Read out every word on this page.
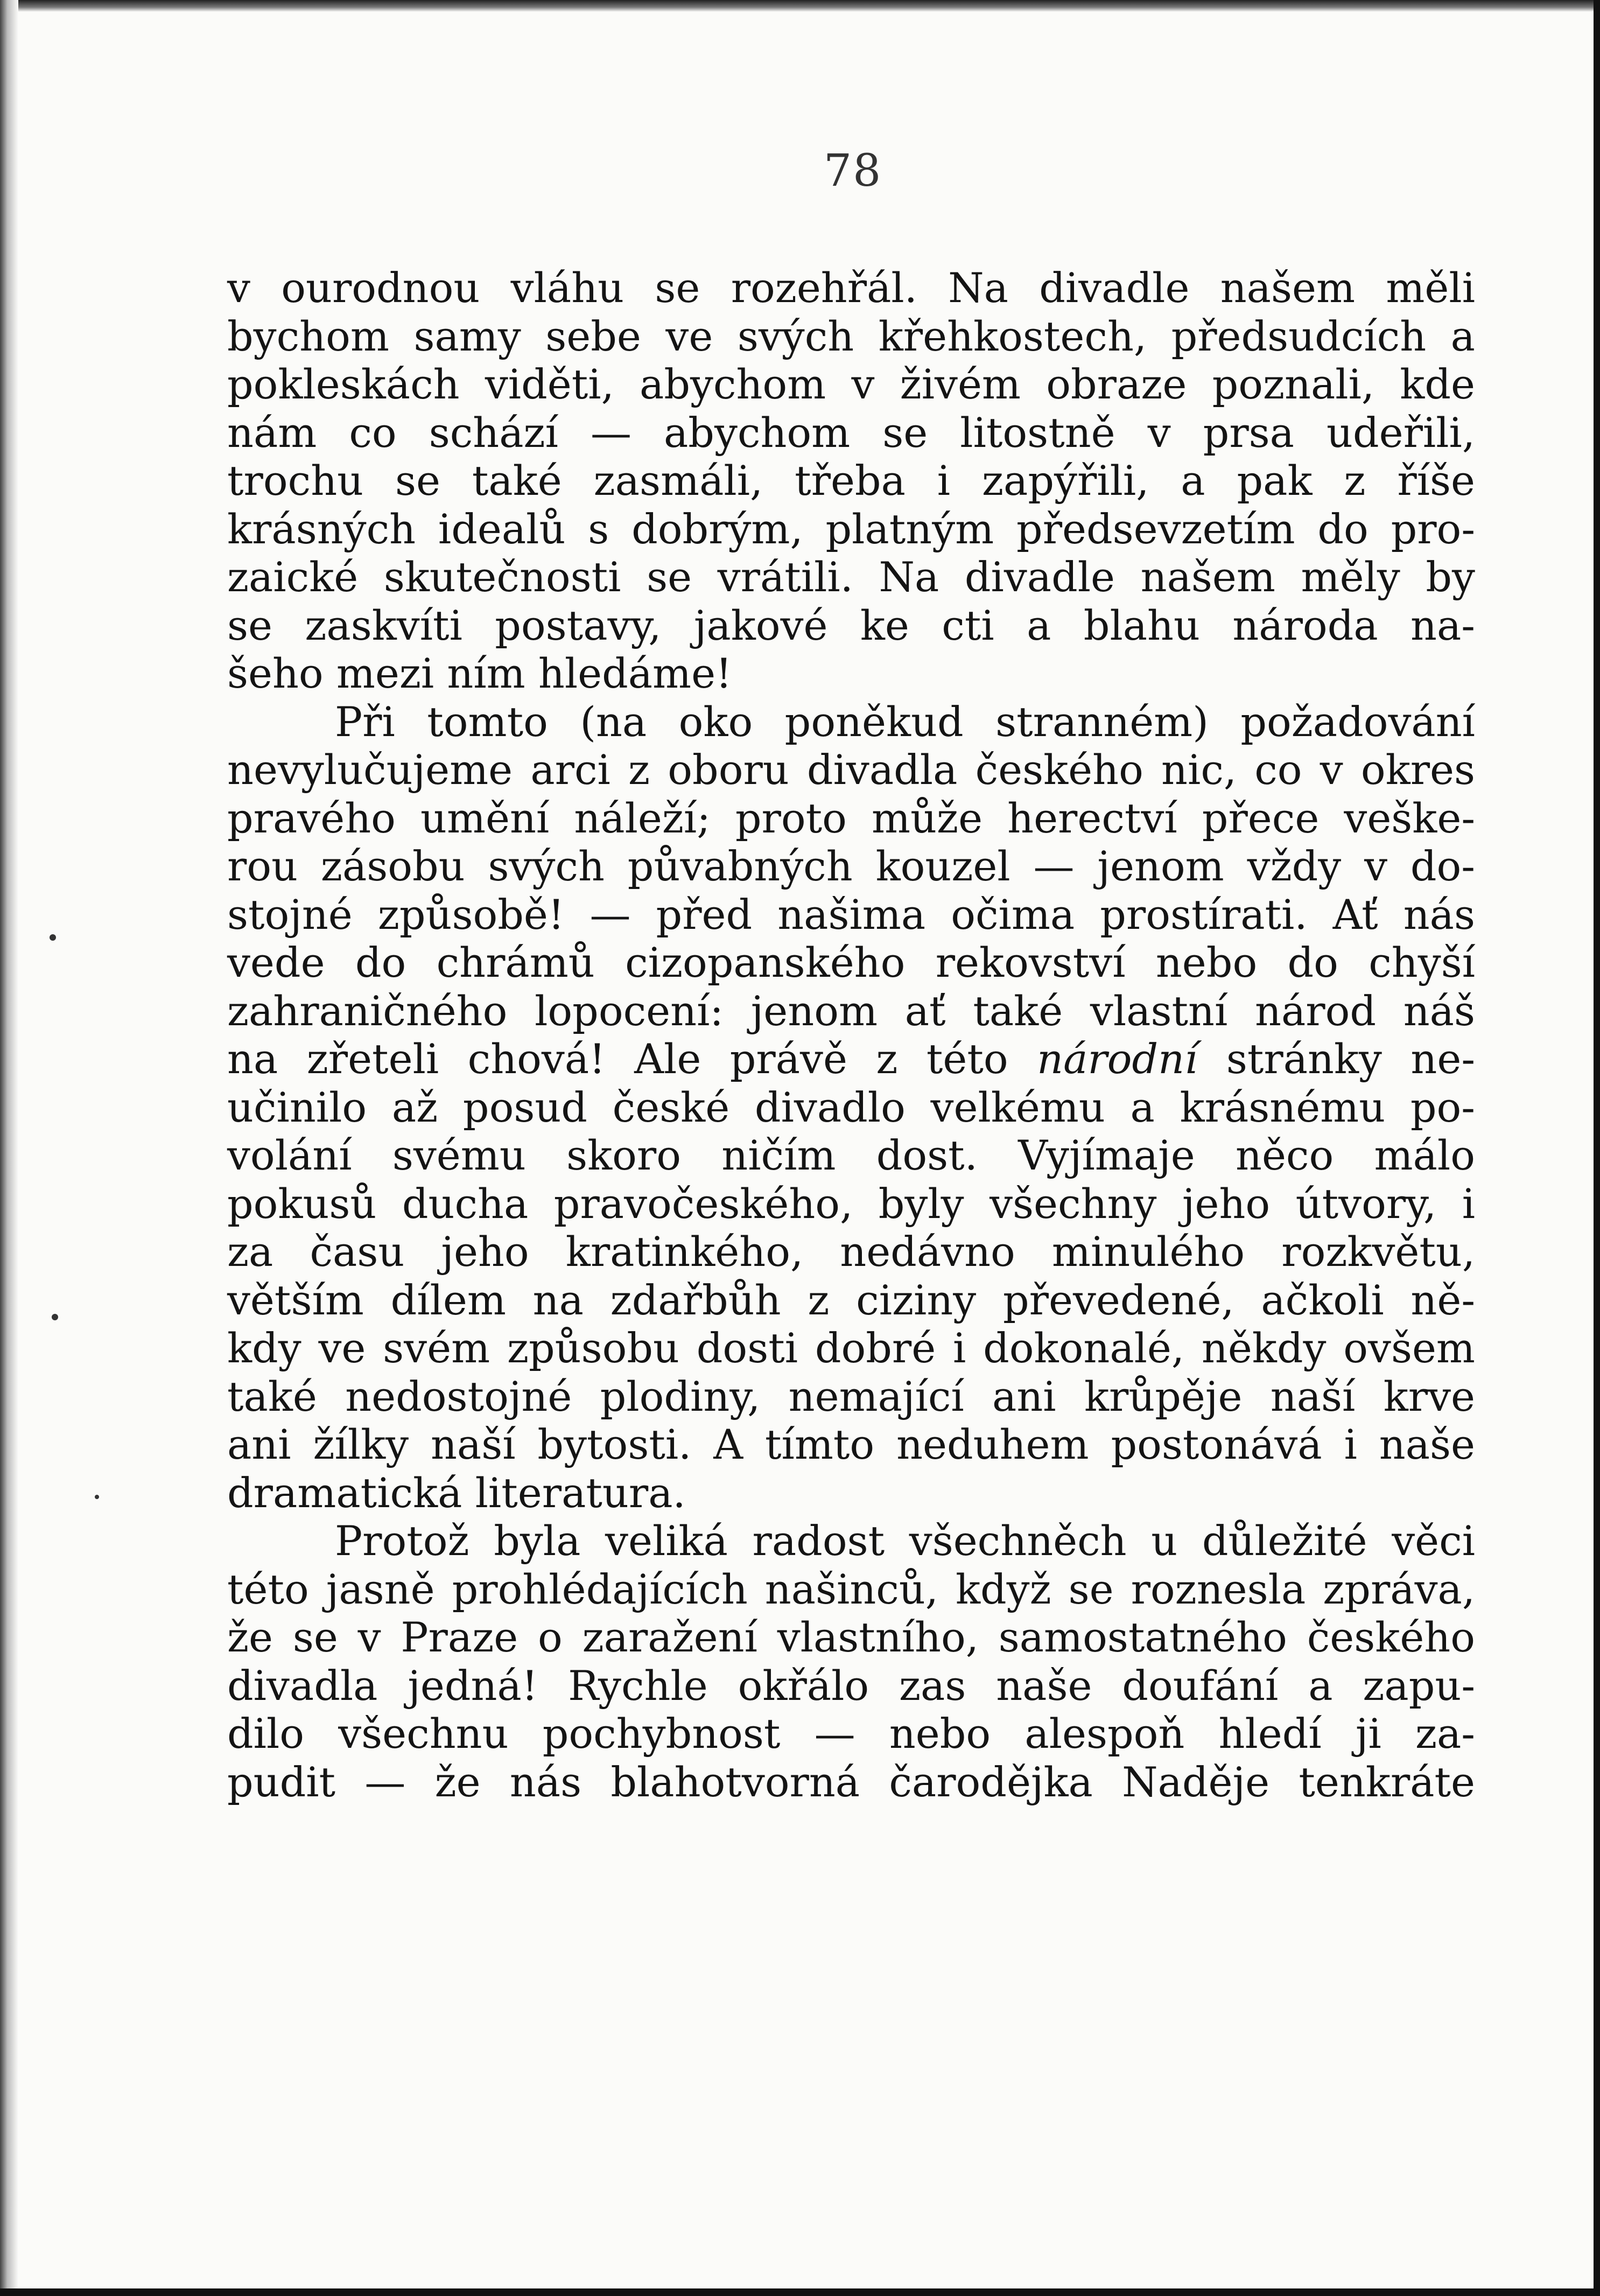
78
v ourodnou vláhu se rozehřál. Na divadle našem měli
bychom samy sebe ve svých křehkostech, předsudcích a
pokleskách viděti, abychom v živém obraze poznali, kde
nám co schází — abychom se litostně v prsa udeřili,
trochu se také zasmáli, třeba i zapýřili, a pak z říše
krásných idealů s dobrým, platným předsevzetím do pro-
zaické skutečnosti se vrátili. Na divadle našem měly by
se zaskvíti postavy, jakové ke cti a blahu národa na-
šeho mezi ním hledáme!
Při tomto (na oko poněkud stranném) požadování
nevylučujeme arci z oboru divadla českého nic, co v okres
pravého umění náleží; proto může herectví přece veške-
rou zásobu svých půvabných kouzel — jenom vždy v do-
stojné způsobě! — před našima očima prostírati. Ať nás
vede do chrámů cizopanského rekovství nebo do chyší
zahraničného lopocení: jenom ať také vlastní národ náš
na zřeteli chová! Ale právě z této národní stránky ne-
učinilo až posud české divadlo velkému a krásnému po-
volání svému skoro ničím dost. Vyjímaje něco málo
pokusů ducha pravočeského, byly všechny jeho útvory, i
za času jeho kratinkého, nedávno minulého rozkvětu,
větším dílem na zdařbůh z ciziny převedené, ačkoli ně-
kdy ve svém způsobu dosti dobré i dokonalé, někdy ovšem
také nedostojné plodiny, nemající ani krůpěje naší krve
ani žílky naší bytosti. A tímto neduhem postonává i naše
dramatická literatura.
Protož byla veliká radost všechněch u důležité věci
této jasně prohlédajících našinců, když se roznesla zpráva,
že se v Praze o zaražení vlastního, samostatného českého
divadla jedná! Rychle okřálo zas naše doufání a zapu-
dilo všechnu pochybnost — nebo alespoň hledí ji za-
pudit — že nás blahotvorná čarodějka Naděje tenkráte
